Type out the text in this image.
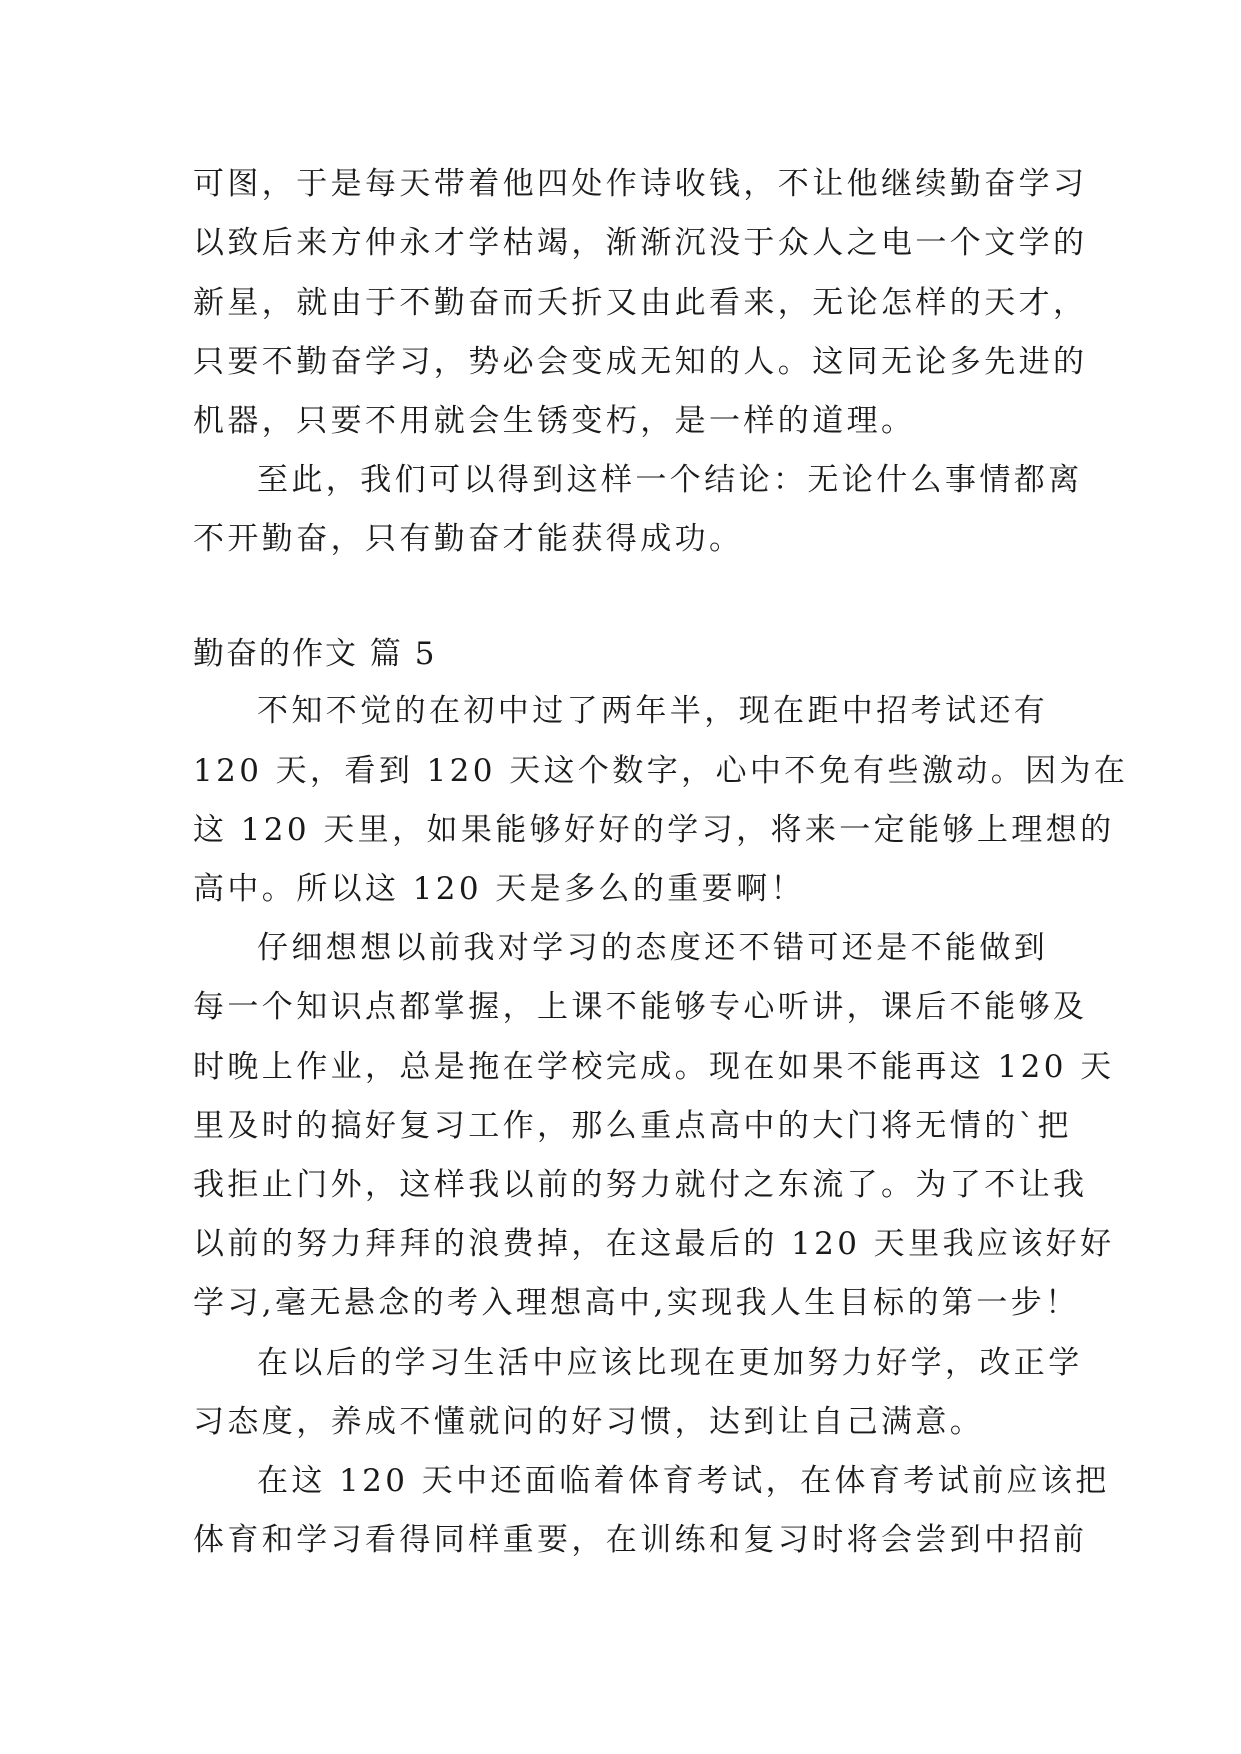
可图，于是每天带着他四处作诗收钱，不让他继续勤奋学习

以致后来方仲永才学枯竭，渐渐沉没于众人之电一个文学的

新星，就由于不勤奋而夭折又由此看来，无论怎样的天才，

只要不勤奋学习，势必会变成无知的人。这同无论多先进的

机器，只要不用就会生锈变朽，是一样的道理。

至此，我们可以得到这样一个结论：无论什么事情都离

不开勤奋，只有勤奋才能获得成功。

勤奋的作文 篇 5

不知不觉的在初中过了两年半，现在距中招考试还有

120 天，看到 120 天这个数字，心中不免有些激动。因为在

这 120 天里，如果能够好好的学习，将来一定能够上理想的

高中。所以这 120 天是多么的重要啊！

仔细想想以前我对学习的态度还不错可还是不能做到

每一个知识点都掌握，上课不能够专心听讲，课后不能够及

时晚上作业，总是拖在学校完成。现在如果不能再这 120 天

里及时的搞好复习工作，那么重点高中的大门将无情的`把

我拒止门外，这样我以前的努力就付之东流了。为了不让我

以前的努力拜拜的浪费掉，在这最后的 120 天里我应该好好

学习,毫无悬念的考入理想高中,实现我人生目标的第一步！

在以后的学习生活中应该比现在更加努力好学，改正学

习态度，养成不懂就问的好习惯，达到让自己满意。

在这 120 天中还面临着体育考试，在体育考试前应该把

体育和学习看得同样重要，在训练和复习时将会尝到中招前
